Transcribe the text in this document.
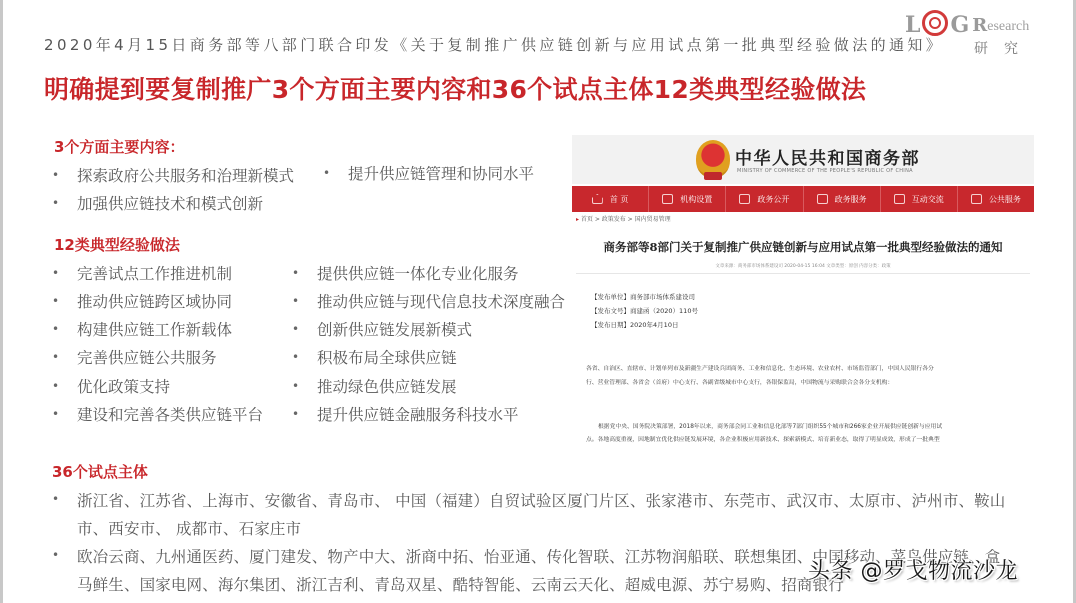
2020年4月15日商务部等八部门联合印发《关于复制推广供应链创新与应用试点第一批典型经验做法的通知》
明确提到要复制推广3个方面主要内容和36个试点主体12类典型经验做法
L G R esearch
研究
3个方面主要内容：
• 探索政府公共服务和治理新模式 • 提升供应链管理和协同水平
• 加强供应链技术和模式创新
12类典型经验做法
• 完善试点工作推进机制
• 推动供应链跨区域协同
• 构建供应链工作新载体
• 完善供应链公共服务
• 优化政策支持
• 建设和完善各类供应链平台
• 提供供应链一体化专业化服务
• 推动供应链与现代信息技术深度融合
• 创新供应链发展新模式
• 积极布局全球供应链
• 推动绿色供应链发展
• 提升供应链金融服务科技水平
36个试点主体
• 浙江省、江苏省、上海市、安徽省、青岛市、 中国（福建）自贸试验区厦门片区、张家港市、东莞市、武汉市、太原市、泸州市、鞍山
市、西安市、 成都市、石家庄市
• 欧冶云商、九州通医药、厦门建发、物产中大、浙商中拓、怡亚通、传化智联、江苏物润船联、联想集团、中国移动、菜鸟供应链、盒
马鲜生、国家电网、海尔集团、浙江吉利、青岛双星、酷特智能、云南云天化、超威电源、苏宁易购、招商银行
中华人民共和国商务部
MINISTRY OF COMMERCE OF THE PEOPLE'S REPUBLIC OF CHINA
首 页	机构设置	政务公开	政务服务	互动交流	公共服务
▸ 首页 > 政策发布 > 国内贸易管理
商务部等8部门关于复制推广供应链创新与应用试点第一批典型经验做法的通知
文章来源：商务部市场体系建设司 2020-04-15 16:04 文章类型：原创 内容分类：政策
【发布单位】商务部市场体系建设司
【发布文号】商建函（2020）110号
【发布日期】2020年4月10日
各省、自治区、直辖市、计划单列市及新疆生产建设兵团商务、工业和信息化、生态环境、农业农村、市场监管部门，中国人民银行各分
行、营业管理部、各省会（首府）中心支行、各副省级城市中心支行，各银保监局，中国物流与采购联合会各分支机构：
根据党中央、国务院决策部署，2018年以来，商务部会同工业和信息化部等7部门组织55个城市和266家企业开展供应链创新与应用试
点。各地高度重视，因地制宜优化供应链发展环境，各企业积极应用新技术、探索新模式、培育新业态，取得了明显成效，形成了一批典型
头条 @罗戈物流沙龙
